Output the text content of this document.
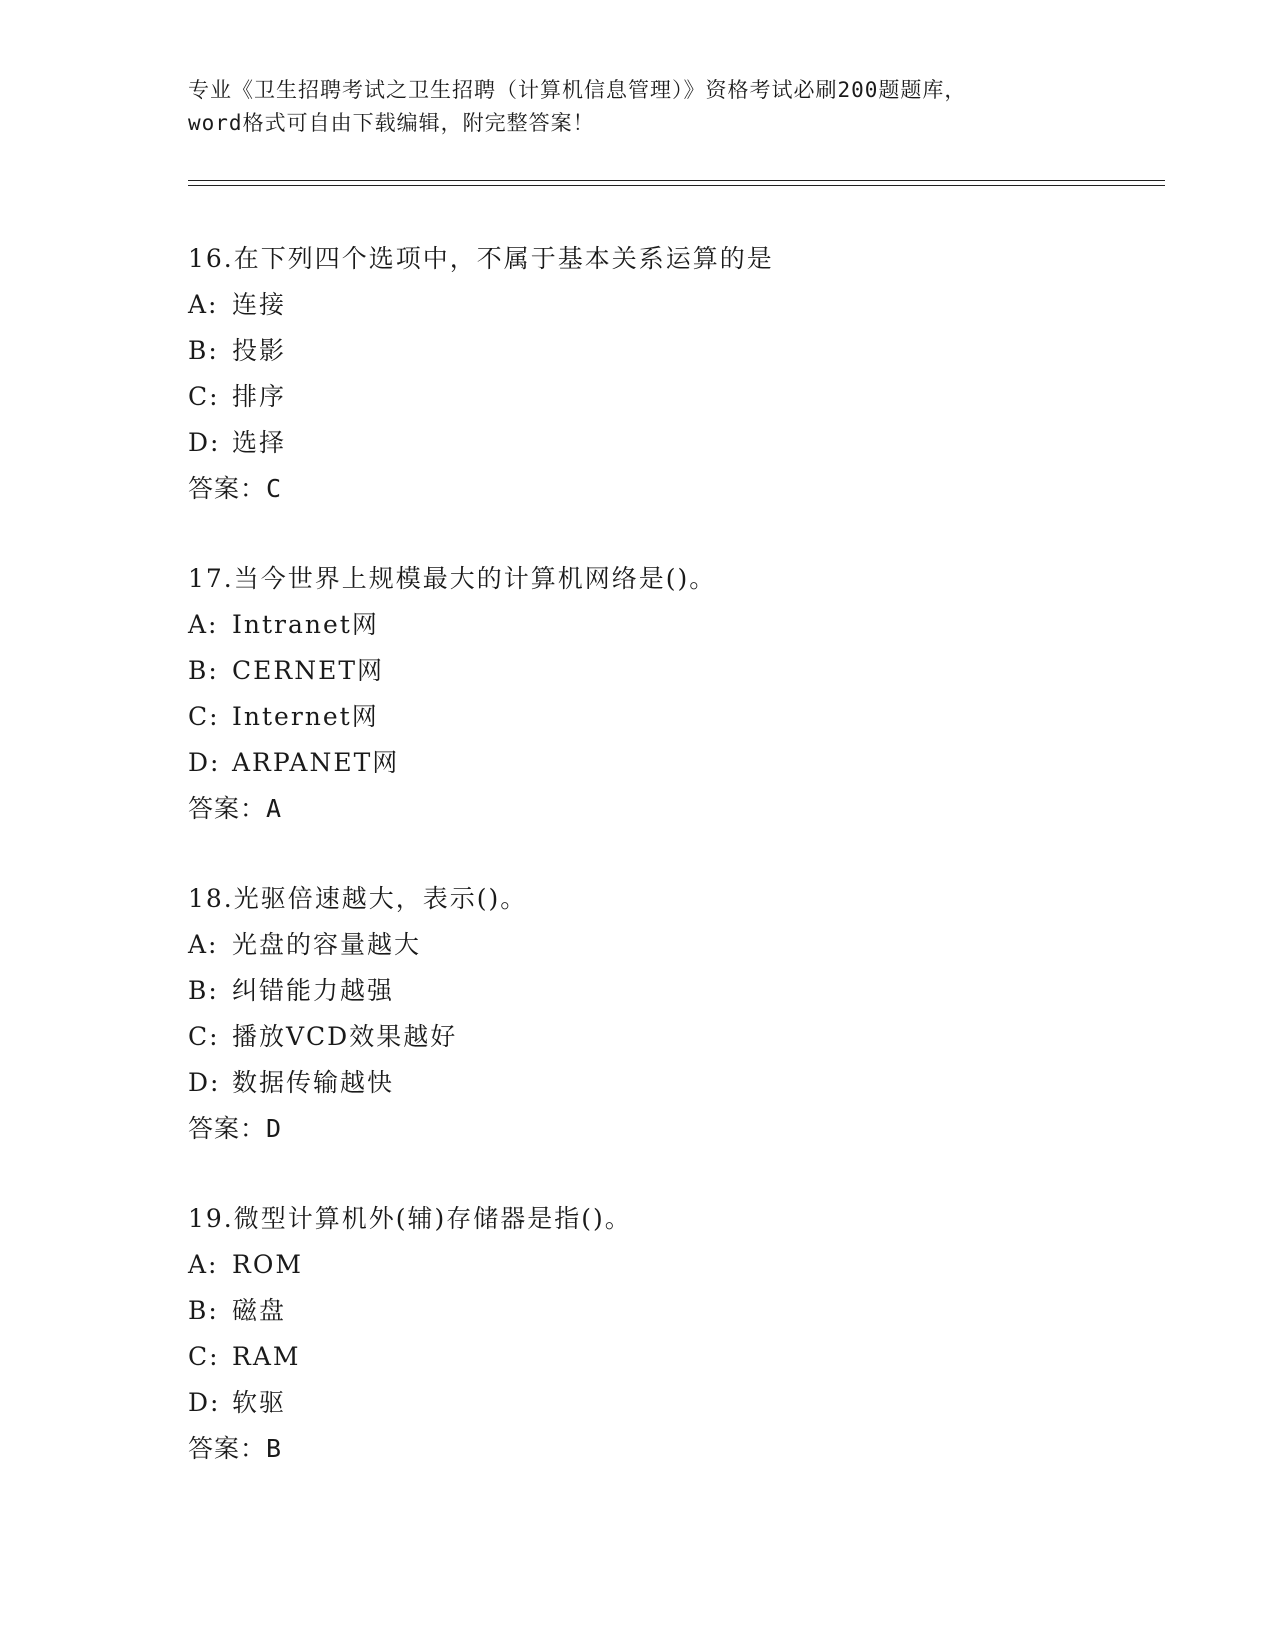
专业《卫生招聘考试之卫生招聘（计算机信息管理）》资格考试必刷200题题库，
word格式可自由下载编辑，附完整答案！
16. 在下列四个选项中，不属于基本关系运算的是
A: 连接
B: 投影
C: 排序
D: 选择
答案：C
17. 当今世界上规模最大的计算机网络是()。
A: Intranet网
B: CERNET网
C: Internet网
D: ARPANET网
答案：A
18. 光驱倍速越大，表示()。
A: 光盘的容量越大
B: 纠错能力越强
C: 播放VCD效果越好
D: 数据传输越快
答案：D
19. 微型计算机外(辅)存储器是指()。
A: ROM
B: 磁盘
C: RAM
D: 软驱
答案：B
